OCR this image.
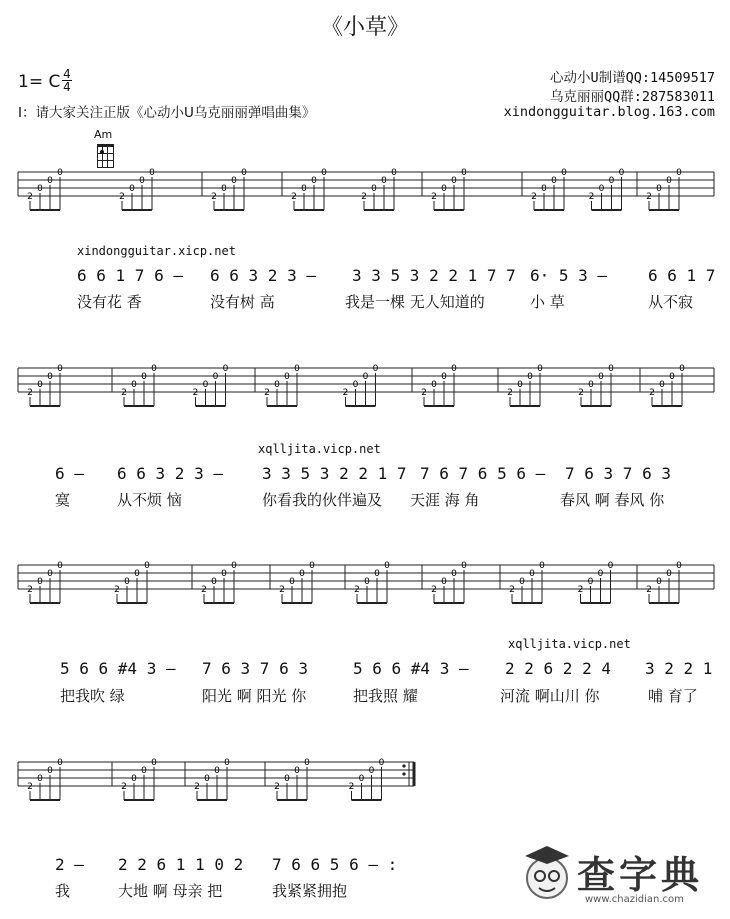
《小草》
1= C 4
4
I：请大家关注正版《心动小U乌克丽丽弹唱曲集》
心动小U制谱QQ:14509517
乌克丽丽QQ群:287583011
xindongguitar.blog.163.com
Am
2
0
0
0
2
0
0
0
2
0
0
0
2
0
0
0
2
0
0
0
2
0
0
0
2
0
0
0
2
0
0
0
2
0
0
0
2
0
0
0
2
0
0
0
2
0
0
0
2
0
0
0
2
0
0
0
2
0
0
0
2
0
0
0
2
0
0
0
2
0
0
0
2
0
0
0
2
0
0
0
2
0
0
0
2
0
0
0
2
0
0
0
2
0
0
0
2
0
0
0
2
0
0
0
2
0
0
0
2
0
0
0
2
0
0
0
2
0
0
0
2
0
0
0
2
0
0
0
xindongguitar.xicp.net
6 6 1 7 6 – 6 6 3 2 3 – 3 3 5 3 2 2 1 7 7 6· 5 3 –	6 6 1 7
没有花 香	没有树 高	我是一棵 无人知道的	小 草	从不寂
xqlljita.vicp.net
6 – 6 6 3 2 3 – 3 3 5 3 2 2 1 7 7 6 7 6 5 6 – 7 6 3 7 6 3
寞	从不烦 恼	你看我的伙伴遍及 天涯 海 角	春风 啊 春风 你
xqlljita.vicp.net
5 6 6 #4 3 – 7 6 3 7 6 3	5 6 6 #4 3 – 2 2 6 2 2 4 3 2 2 1
把我吹 绿	阳光 啊 阳光 你	把我照 耀	河流 啊山川 你	哺 育了
2 – 2 2 6 1 1 0 2 7 6 6 5 6 – :
我	大地 啊 母亲 把	我紧紧拥抱	查字典
www.chazidian.com
